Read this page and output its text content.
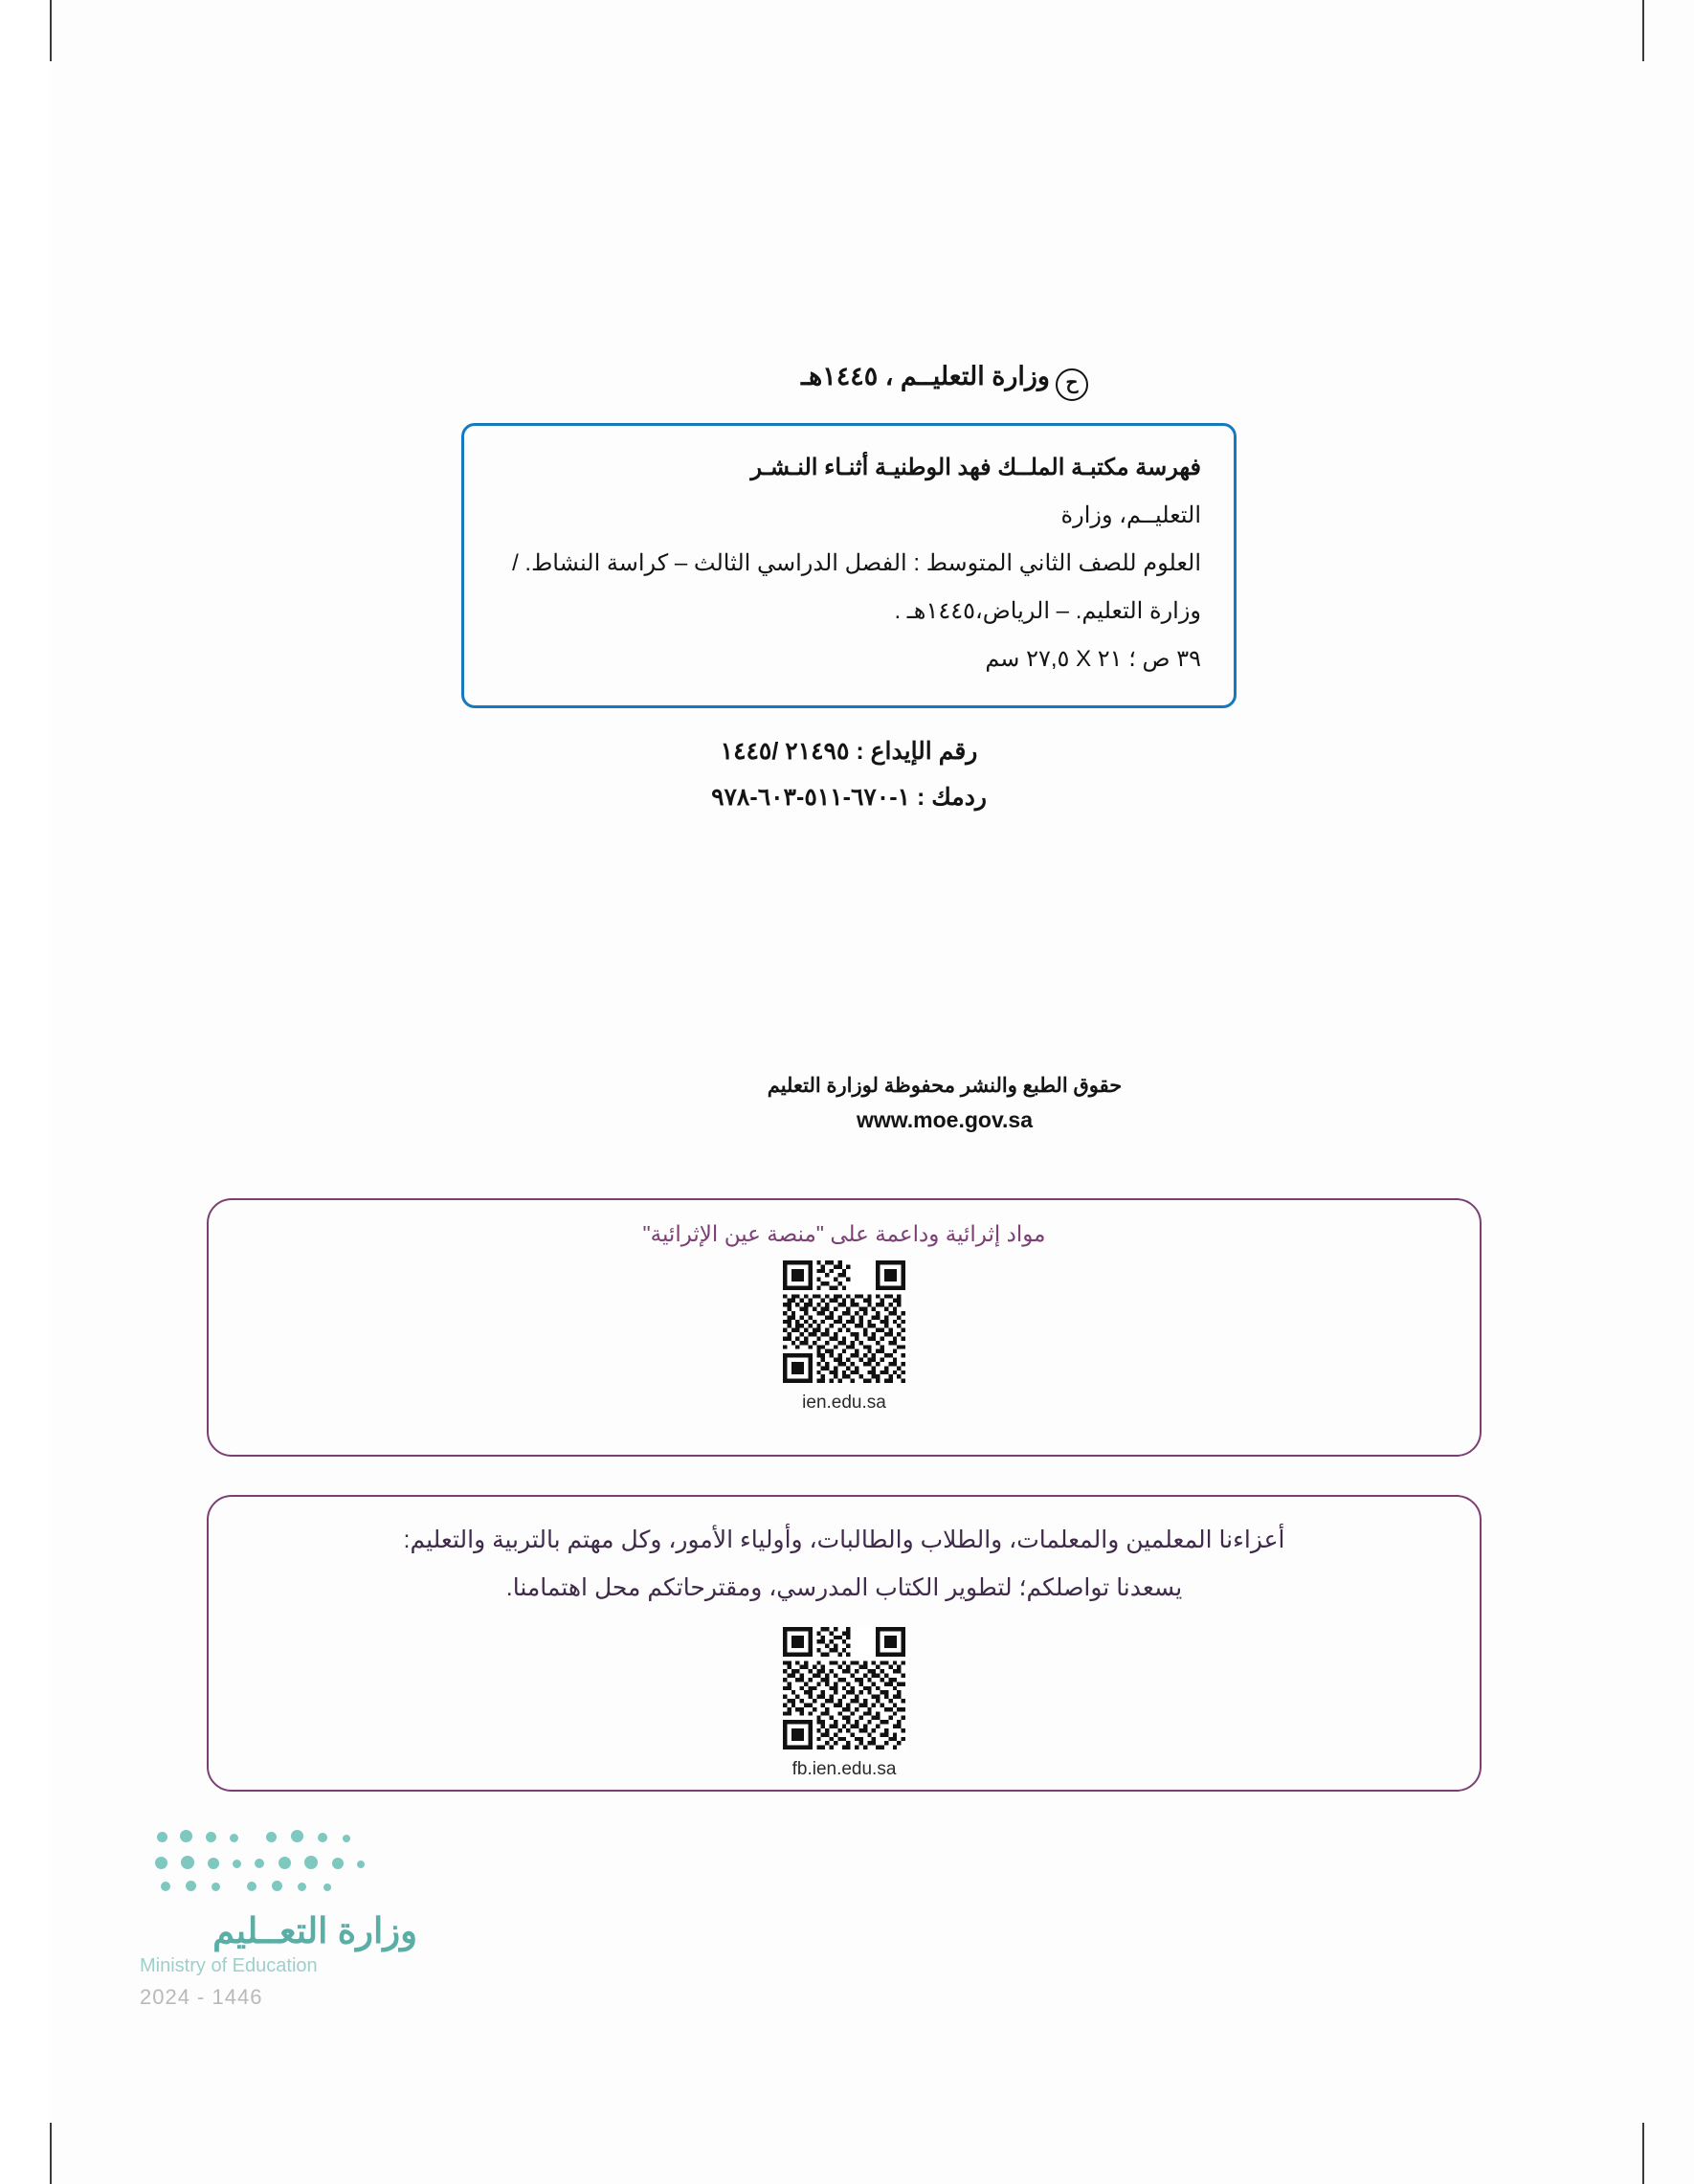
حوزارة التعليــم ، ١٤٤٥هـ

فهرسة مكتبـة الملــك فهد الوطنيـة أثنـاء النـشـر

التعليــم، وزارة

العلوم للصف الثاني المتوسط : الفصل الدراسي الثالث – كراسة النشاط. /

وزارة التعليم. – الرياض،١٤٤٥هـ .

٣٩ ص ؛ ٢١ X ٢٧,٥ سم

رقم الإيداع : ٢١٤٩٥ /١٤٤٥
ردمك : ١-٦٧٠-٥١١-٦٠٣-٩٧٨
حقوق الطبع والنشر محفوظة لوزارة التعليم
www.moe.gov.sa
مواد إثرائية وداعمة على "منصة عين الإثرائية"
ien.edu.sa
أعزاءنا المعلمين والمعلمات، والطلاب والطالبات، وأولياء الأمور، وكل مهتم بالتربية والتعليم:
يسعدنا تواصلكم؛ لتطوير الكتاب المدرسي، ومقترحاتكم محل اهتمامنا.
fb.ien.edu.sa
وزارة التعــليم
Ministry of Education
2024 - 1446
